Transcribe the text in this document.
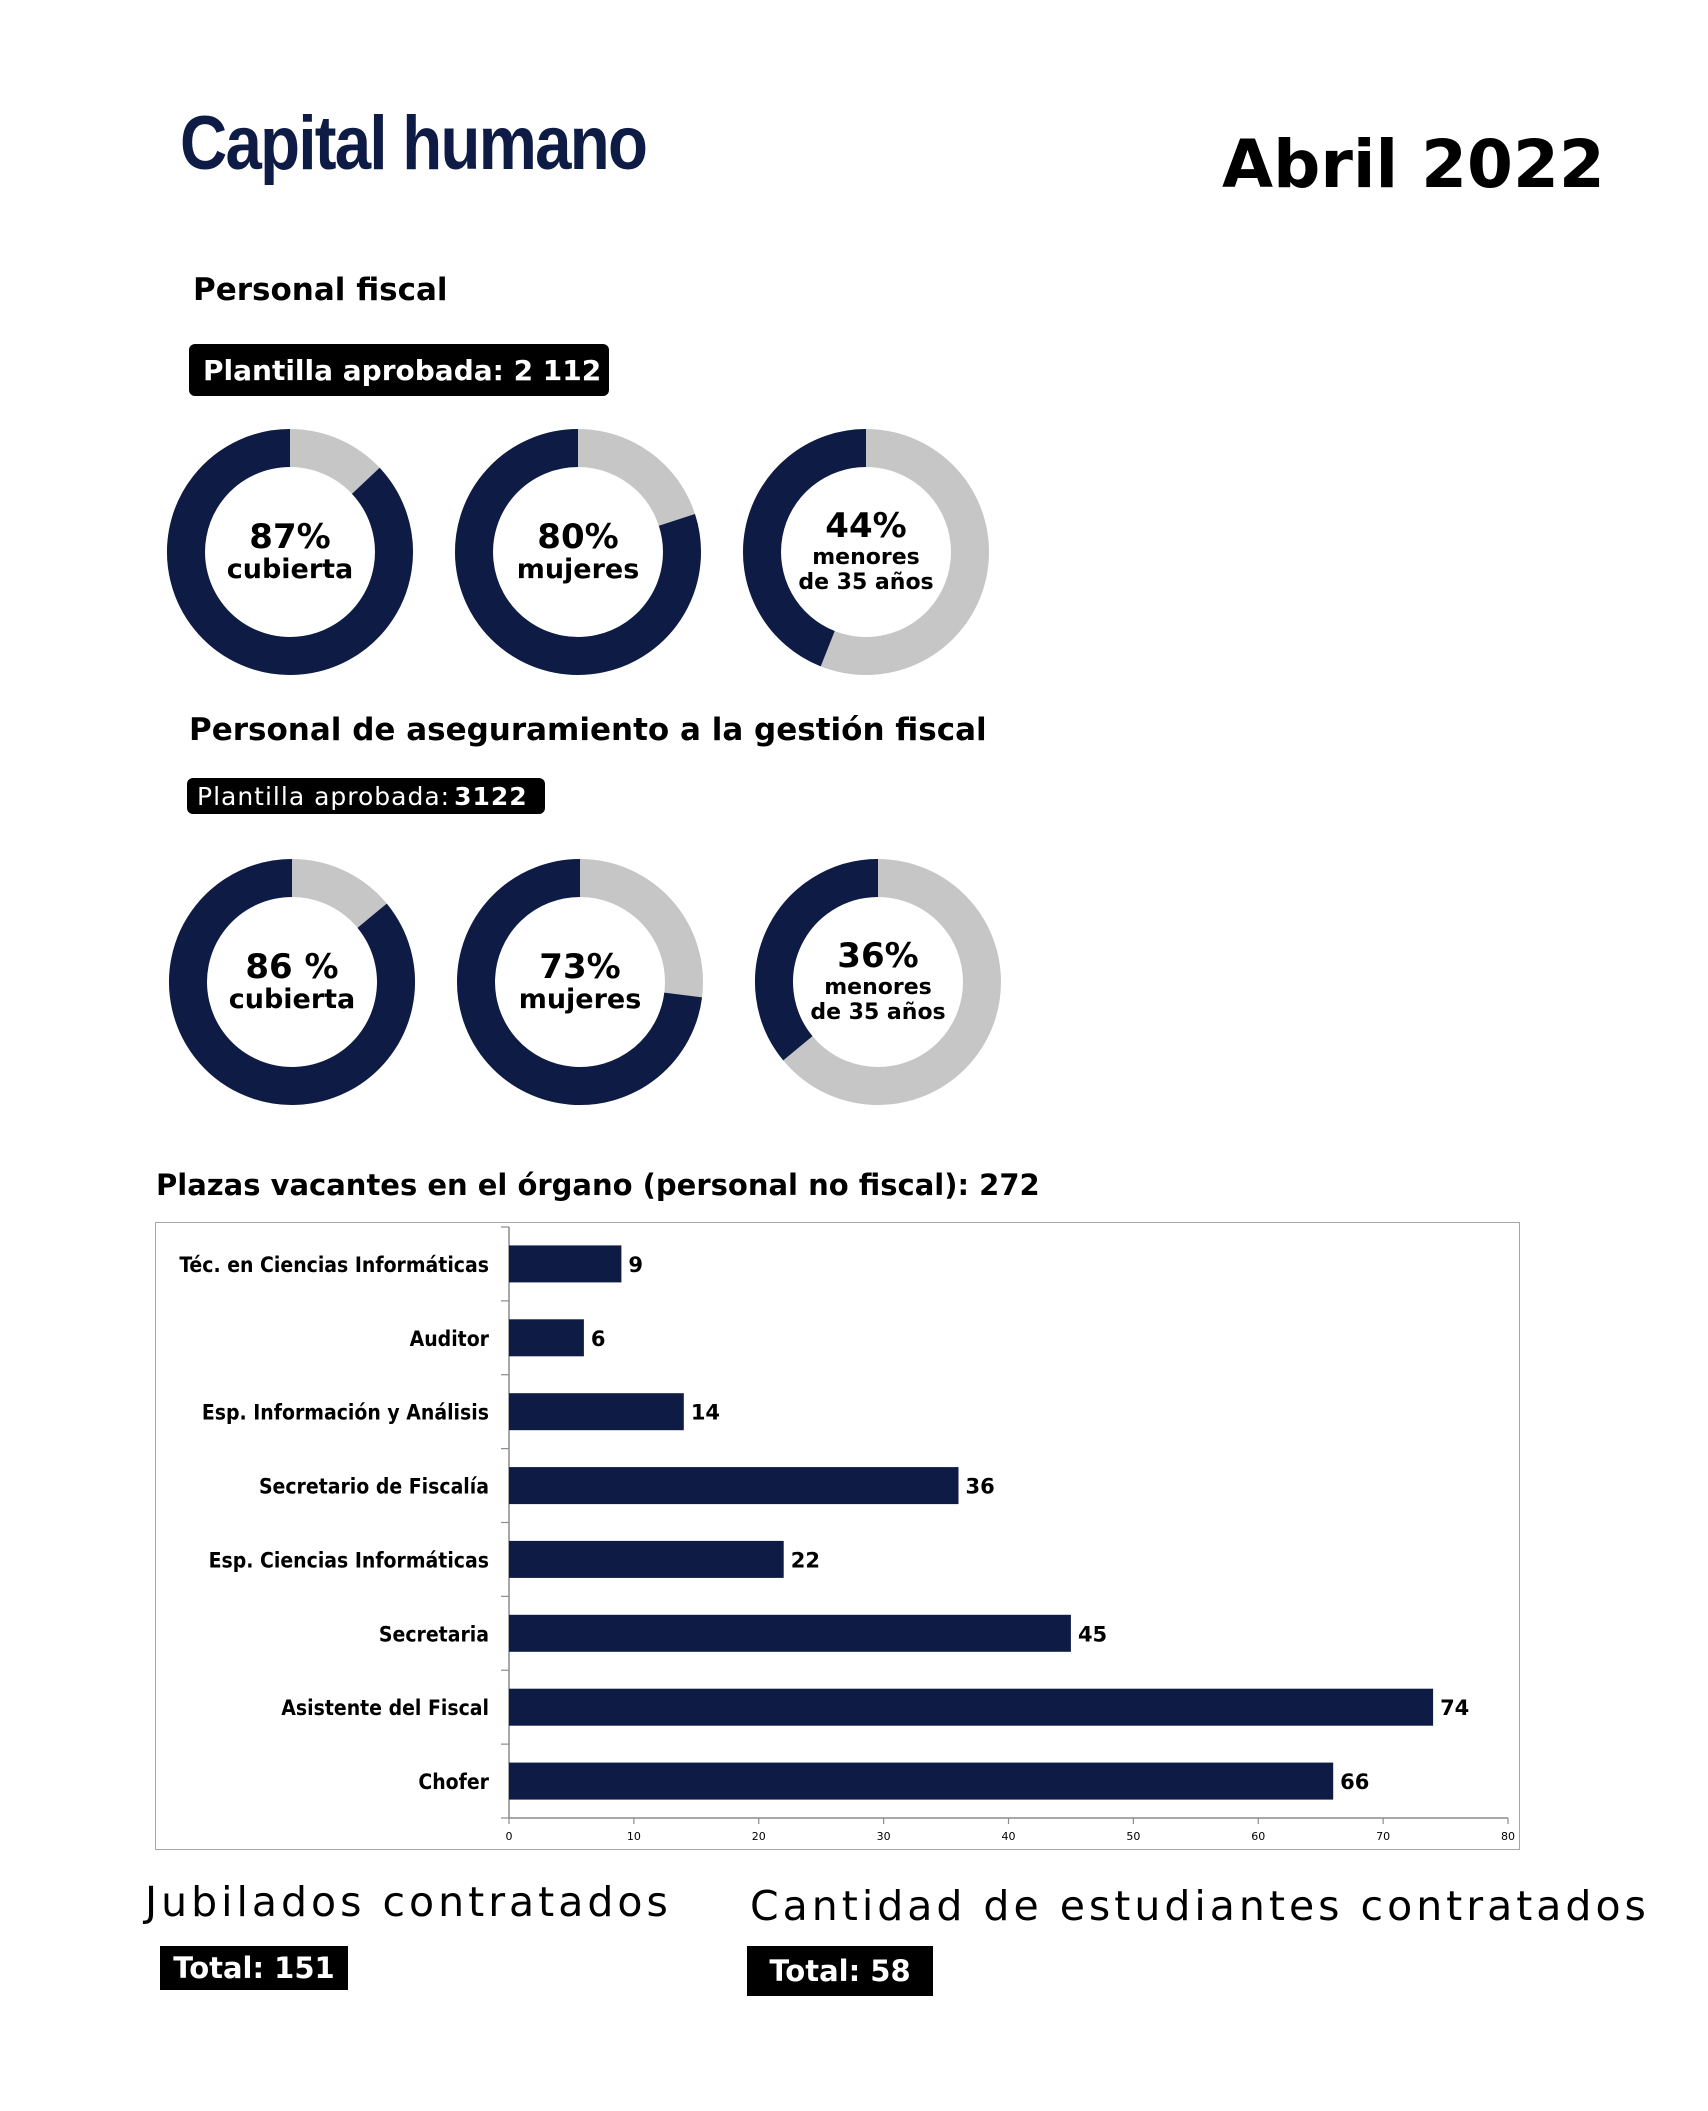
Capital humano	Abril 2022
Personal fiscal
Plantilla aprobada: 2 112
87%
cubierta
80%
mujeres
44%
menores
de 35 años
Personal de aseguramiento a la gestión fiscal
Plantilla aprobada: 3122
86 %
cubierta
73%
mujeres
36%
menores
de 35 años
Plazas vacantes en el órgano (personal no fiscal): 272
0	10	20	30	40	50	60	70	80
Téc. en Ciencias Informáticas	9
Auditor	6
Esp. Información y Análisis	14
Secretario de Fiscalía	36
Esp. Ciencias Informáticas	22
Secretaria	45
Asistente del Fiscal	74
Chofer	66
Jubilados contratados
Total: 151
Cantidad de estudiantes contratados
Total: 58
